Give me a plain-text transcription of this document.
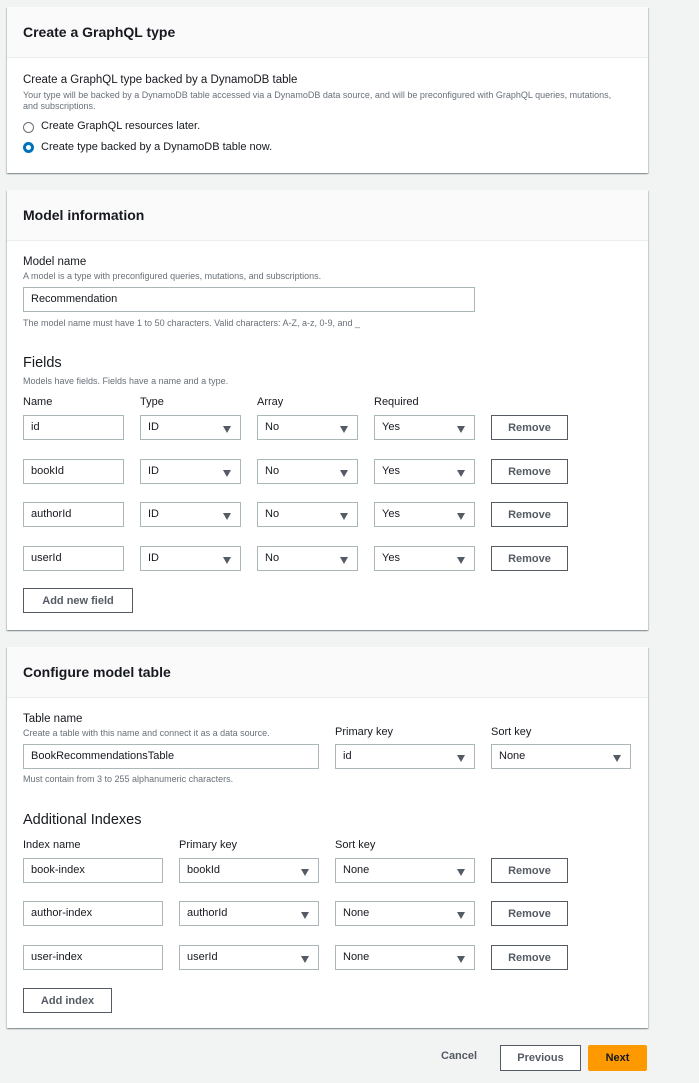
Create a GraphQL type
Create a GraphQL type backed by a DynamoDB table
Your type will be backed by a DynamoDB table accessed via a DynamoDB data source, and will be preconfigured with GraphQL queries, mutations, and subscriptions.
Create GraphQL resources later.
Create type backed by a DynamoDB table now.
Model information
Model name
A model is a type with preconfigured queries, mutations, and subscriptions.
Recommendation
The model name must have 1 to 50 characters. Valid characters: A-Z, a-z, 0-9, and _
Fields
Models have fields. Fields have a name and a type.
Name	Type	Array	Required
id	ID	No	Yes	Remove
bookId	ID	No	Yes	Remove
authorId	ID	No	Yes	Remove
userId	ID	No	Yes	Remove
Add new field
Configure model table
Table name
Create a table with this name and connect it as a data source.
BookRecommendationsTable
Must contain from 3 to 255 alphanumeric characters.
Primary key
id
Sort key
None
Additional Indexes
Index name	Primary key	Sort key
book-index	bookId	None	Remove
author-index	authorId	None	Remove
user-index	userId	None	Remove
Add index
Cancel	Previous	Next
